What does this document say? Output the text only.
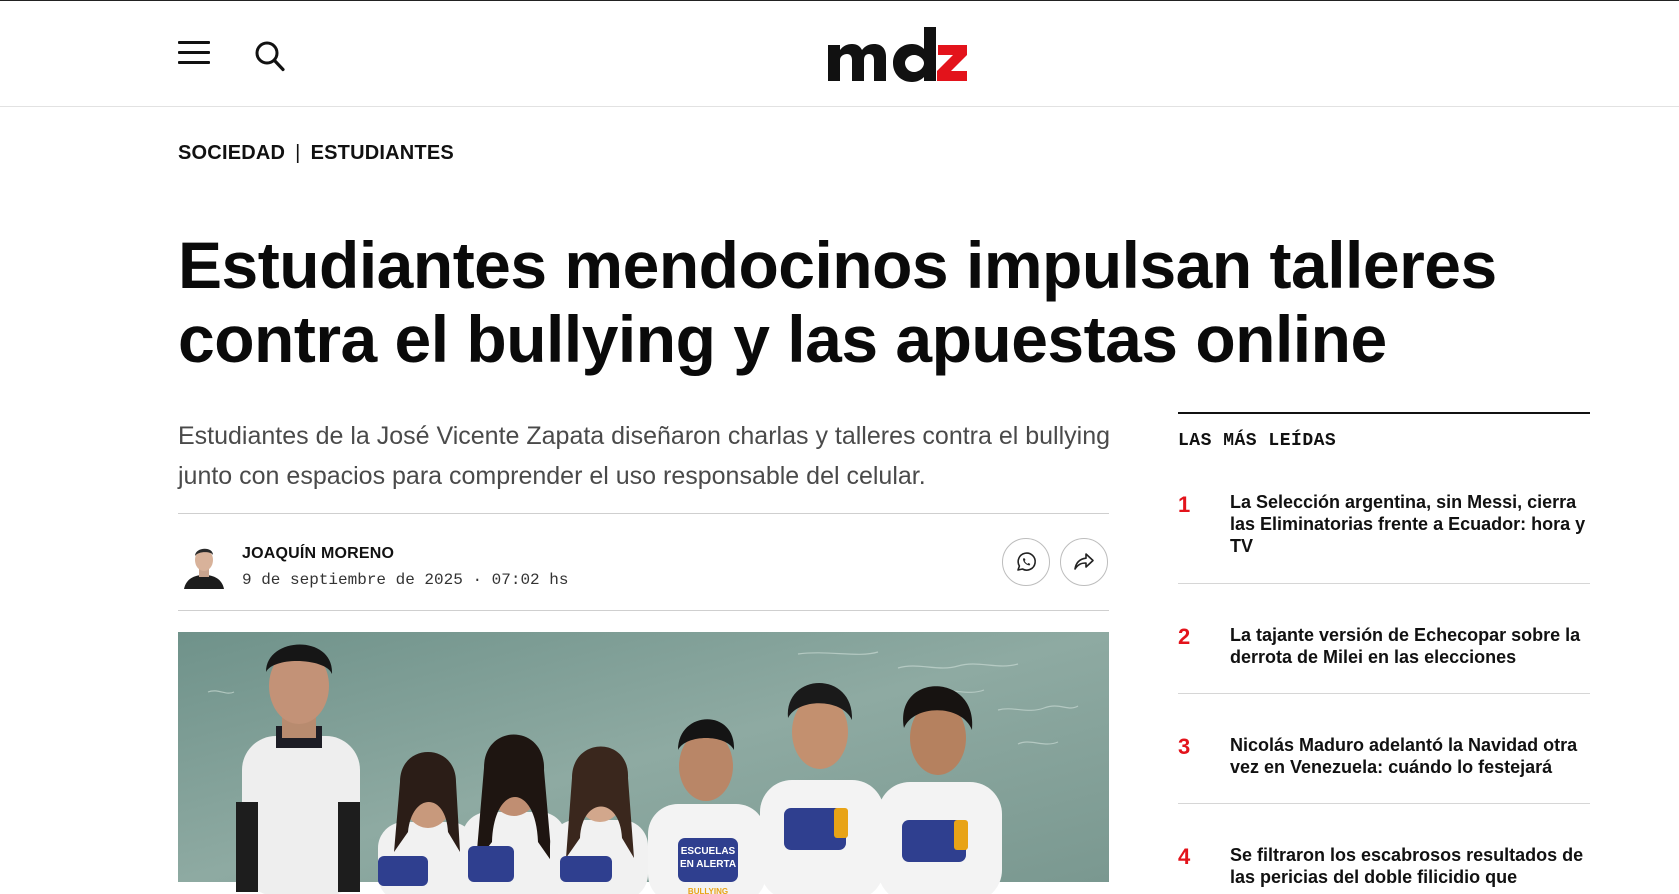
SOCIEDAD | ESTUDIANTES
Estudiantes mendocinos impulsan talleres contra el bullying y las apuestas online

Estudiantes de la José Vicente Zapata diseñaron charlas y talleres contra el bullying junto con espacios para comprender el uso responsable del celular.

JOAQUÍN MORENO
9 de septiembre de 2025 · 07:02 hs
ESCUELAS
EN ALERTA
BULLYING
LAS MÁS LEÍDAS
1 La Selección argentina, sin Messi, cierra las Eliminatorias frente a Ecuador: hora y TV
2 La tajante versión de Echecopar sobre la derrota de Milei en las elecciones
3 Nicolás Maduro adelantó la Navidad otra vez en Venezuela: cuándo lo festejará
4 Se filtraron los escabrosos resultados de las pericias del doble filicidio que
